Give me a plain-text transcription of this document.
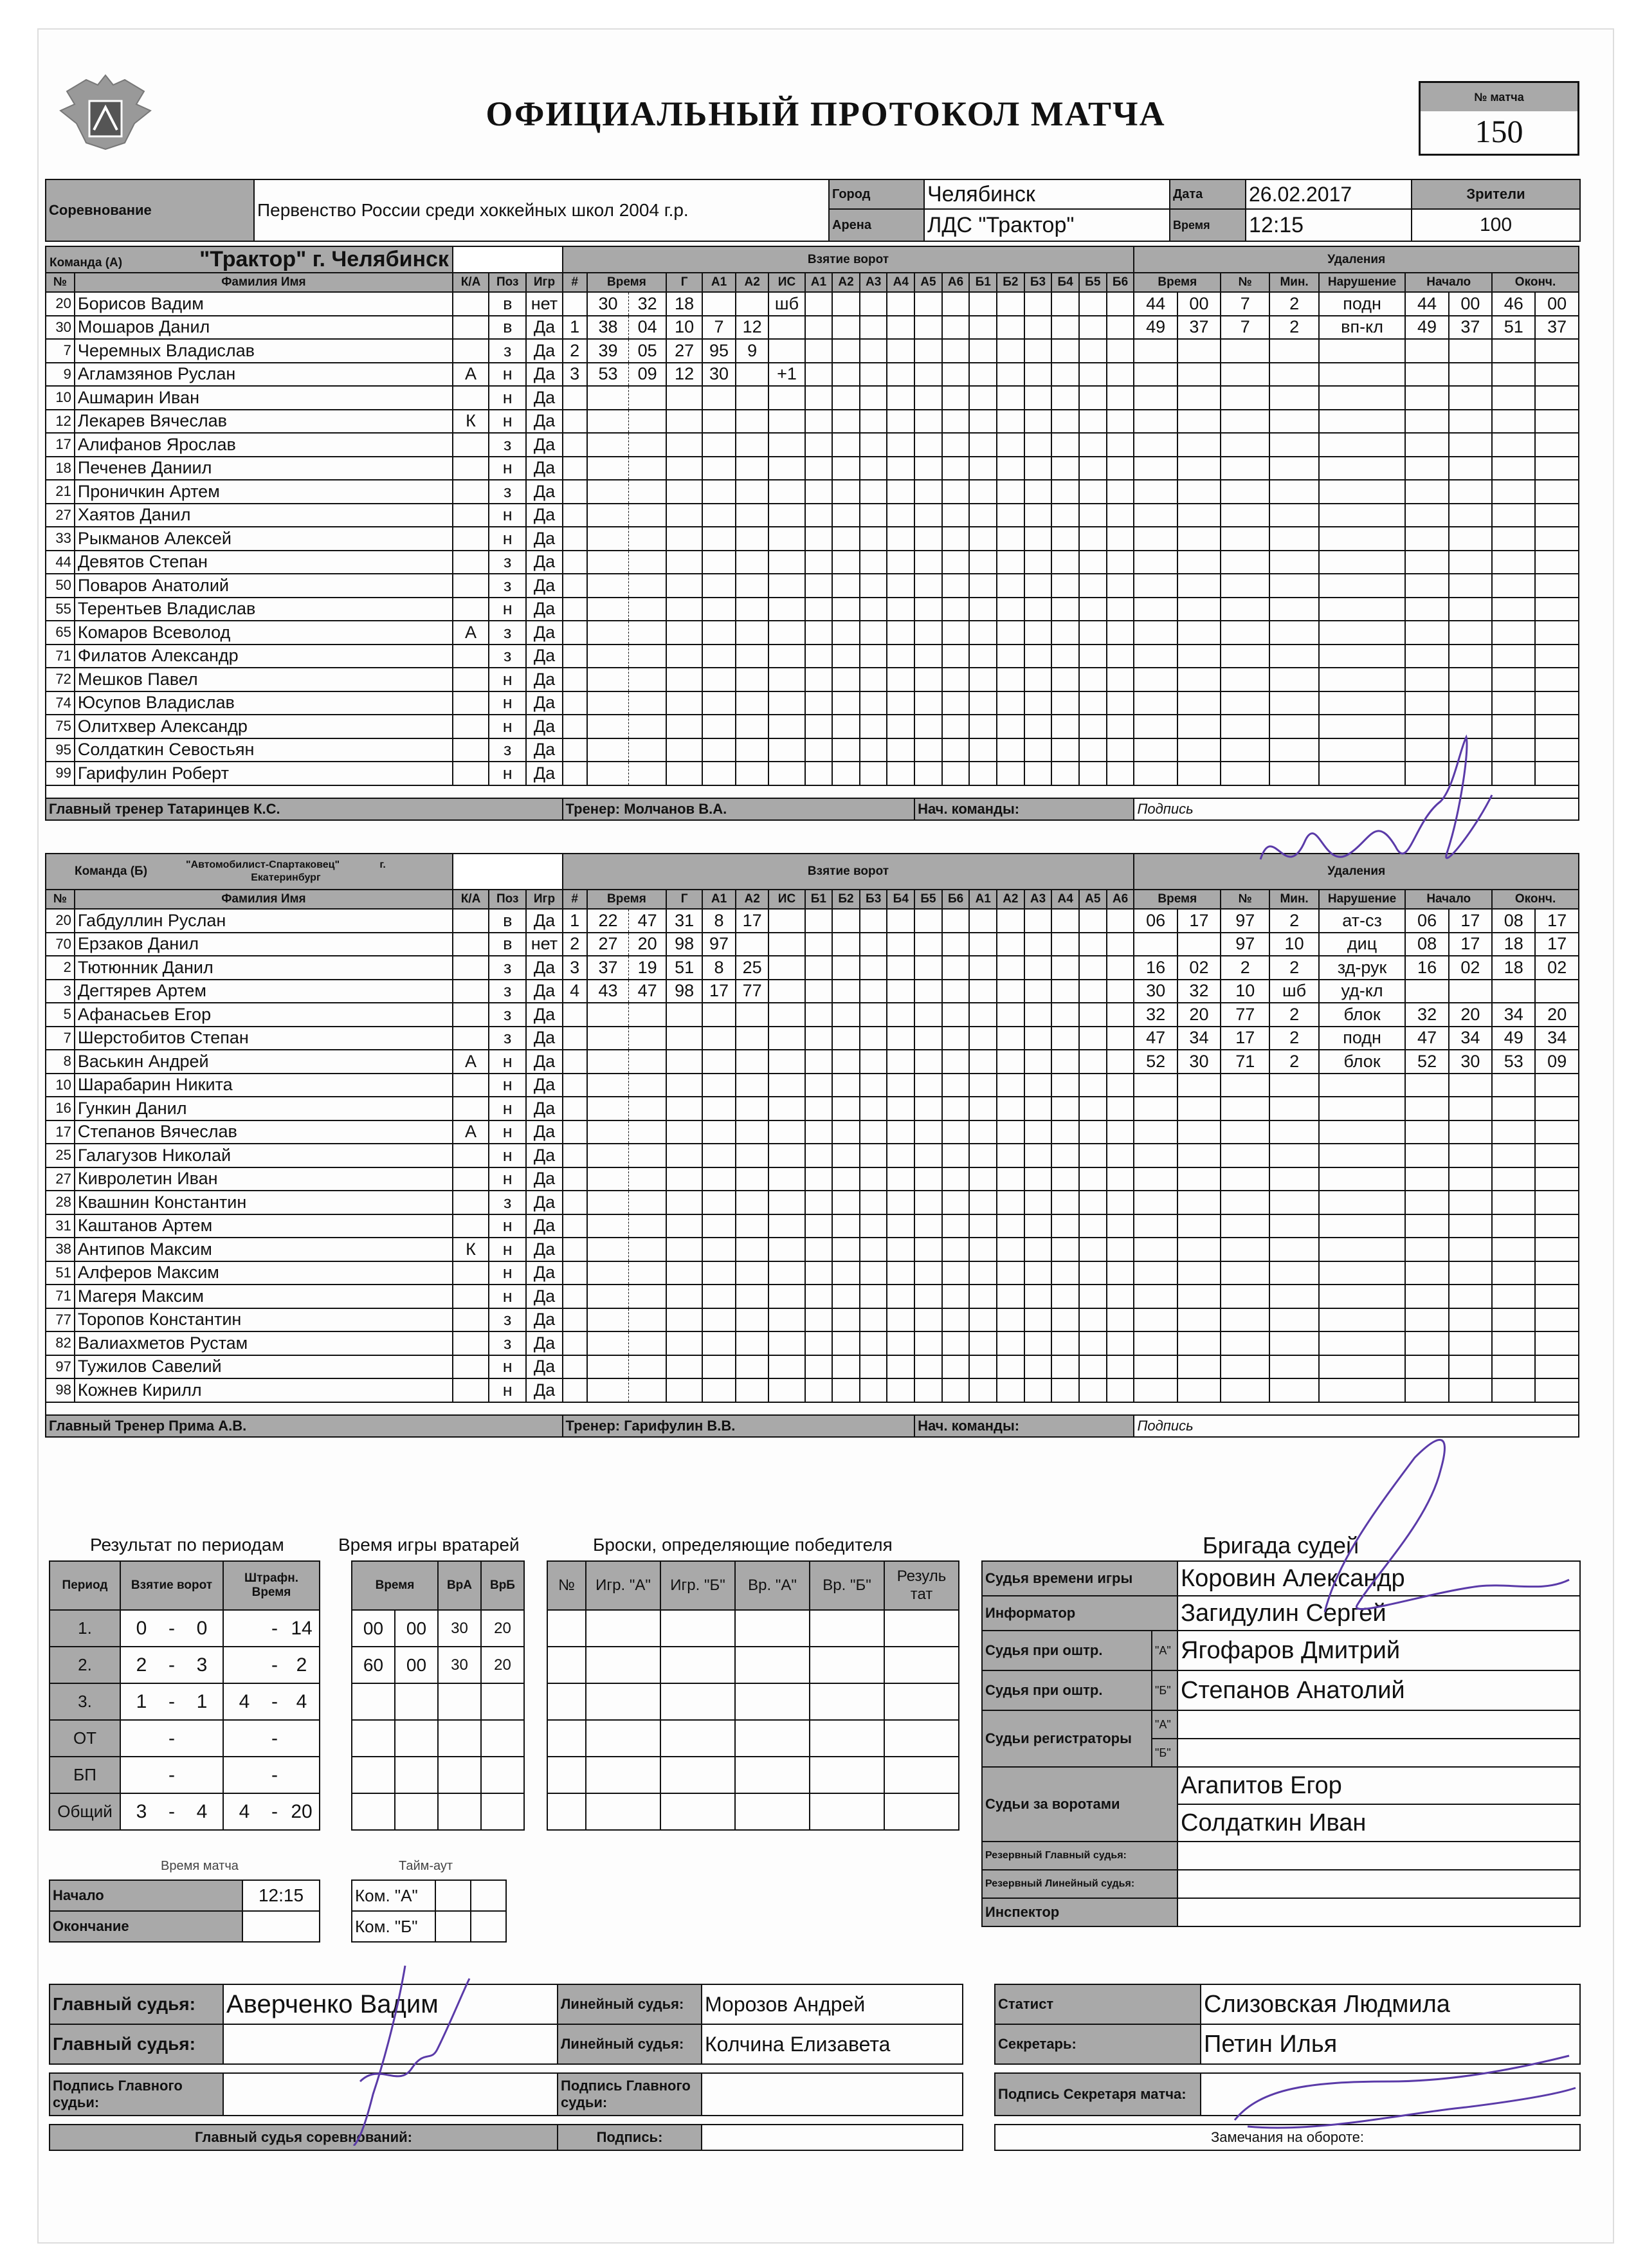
ОФИЦИАЛЬНЫЙ ПРОТОКОЛ МАТЧА	№ матча
150
Соревнование	Первенство России среди хоккейных школ 2004 г.р.	Город	Челябинск	Дата	26.02.2017	Зрители
		Арена	ЛДС "Трактор"	Время	12:15	100
Команда (А) "Трактор" г. Челябинск					Взятие ворот																			Удаления								
№	Фамилия Имя	К/А	Поз	Игр	#	Время		Г	А1	А2	ИС	А1	А2	А3	А4	А5	А6	Б1	Б2	Б3	Б4	Б5	Б6	Время		№	Мин.	Нарушение	Начало		Оконч.	
20	Борисов Вадим		в	нет		30	32	18			шб													44	00	7	2	подн	44	00	46	00
30	Мошаров Данил		в	Да	1	38	04	10	7	12														49	37	7	2	вп-кл	49	37	51	37
7	Черемных Владислав		з	Да	2	39	05	27	95	9																						
9	Агламзянов Руслан	А	н	Да	3	53	09	12	30		+1																					
10	Ашмарин Иван		н	Да																												
12	Лекарев Вячеслав	К	н	Да																												
17	Алифанов Ярослав		з	Да																												
18	Печенев Даниил		н	Да																												
21	Проничкин Артем		з	Да																												
27	Хаятов Данил		н	Да																												
33	Рыкманов Алексей		н	Да																												
44	Девятов Степан		з	Да																												
50	Поваров Анатолий		з	Да																												
55	Терентьев Владислав		н	Да																												
65	Комаров Всеволод	А	з	Да																												
71	Филатов Александр		з	Да																												
72	Мешков Павел		н	Да																												
74	Юсупов Владислав		н	Да																												
75	Олитхвер Александр		н	Да																												
95	Солдаткин Севостьян		з	Да																												
99	Гарифулин Роберт		н	Да																												

Главный тренер Татаринцев К.С.					Тренер: Молчанов В.А.											Нач. команды:								Подпись								
Команда (Б) "Автомобилист-Спартаковец"              г.
Екатеринбург					Взятие ворот																			Удаления								
№	Фамилия Имя	К/А	Поз	Игр	#	Время		Г	А1	А2	ИС	Б1	Б2	Б3	Б4	Б5	Б6	А1	А2	А3	А4	А5	А6	Время		№	Мин.	Нарушение	Начало		Оконч.	
20	Габдуллин Руслан		в	Да	1	22	47	31	8	17														06	17	97	2	ат-сз	06	17	08	17
70	Ерзаков Данил		в	нет	2	27	20	98	97																	97	10	диц	08	17	18	17
2	Тютюнник Данил		з	Да	3	37	19	51	8	25														16	02	2	2	зд-рук	16	02	18	02
3	Дегтярев Артем		з	Да	4	43	47	98	17	77														30	32	10	шб	уд-кл				
5	Афанасьев Егор		з	Да																				32	20	77	2	блок	32	20	34	20
7	Шерстобитов Степан		з	Да																				47	34	17	2	подн	47	34	49	34
8	Васькин Андрей	А	н	Да																				52	30	71	2	блок	52	30	53	09
10	Шарабарин Никита		н	Да																												
16	Гункин Данил		н	Да																												
17	Степанов Вячеслав	А	н	Да																												
25	Галагузов Николай		н	Да																												
27	Кивролетин Иван		н	Да																												
28	Квашнин Константин		з	Да																												
31	Каштанов Артем		н	Да																												
38	Антипов Максим	К	н	Да																												
51	Алферов Максим		н	Да																												
71	Магеря Максим		н	Да																												
77	Торопов Константин		з	Да																												
82	Валиахметов Рустам		з	Да																												
97	Тужилов Савелий		н	Да																												
98	Кожнев Кирилл		н	Да																												

Главный Тренер Прима А.В.					Тренер: Гарифулин В.В.											Нач. команды:								Подпись								
Результат по периодам	Время игры вратарей	Броски, определяющие победителя
Период	Взятие ворот			Штрафн. Время		
1.	0	-	0		-	14
2.	2	-	3		-	2
3.	1	-	1	4	-	4
ОТ		-			-	
БП		-			-	
Общий	3	-	4	4	-	20
Время		ВрА	ВрБ
00	00	30	20
60	00	30	20

№	Игр. "А"	Игр. "Б"	Вр. "А"	Вр. "Б"	Резуль тат

Время матча	Тайм-аут
Начало	12:15
Окончание	
Ком. "А"		
Ком. "Б"		
Бригада судей
Судья времени игры		Коровин Александр
Информатор		Загидулин Сергей
Судья при оштр.	"А"	Ягофаров Дмитрий
Судья при оштр.	"Б"	Степанов Анатолий
Судьи регистраторы	"А"	
	"Б"	
Судьи за воротами		Агапитов Егор
		Солдаткин Иван
Резервный Главный судья:		
Резервный Линейный судья:		
Инспектор		
Главный судья:	Аверченко Вадим	Линейный судья:	Морозов Андрей		Статист	Слизовская Людмила
Главный судья:		Линейный судья:	Колчина Елизавета		Секретарь:	Петин Илья

Подпись Главного судьи:		Подпись Главного судьи:			Подпись Секретаря матча:	

Главный судья соревнований:		Подпись:			Замечания на обороте:	
